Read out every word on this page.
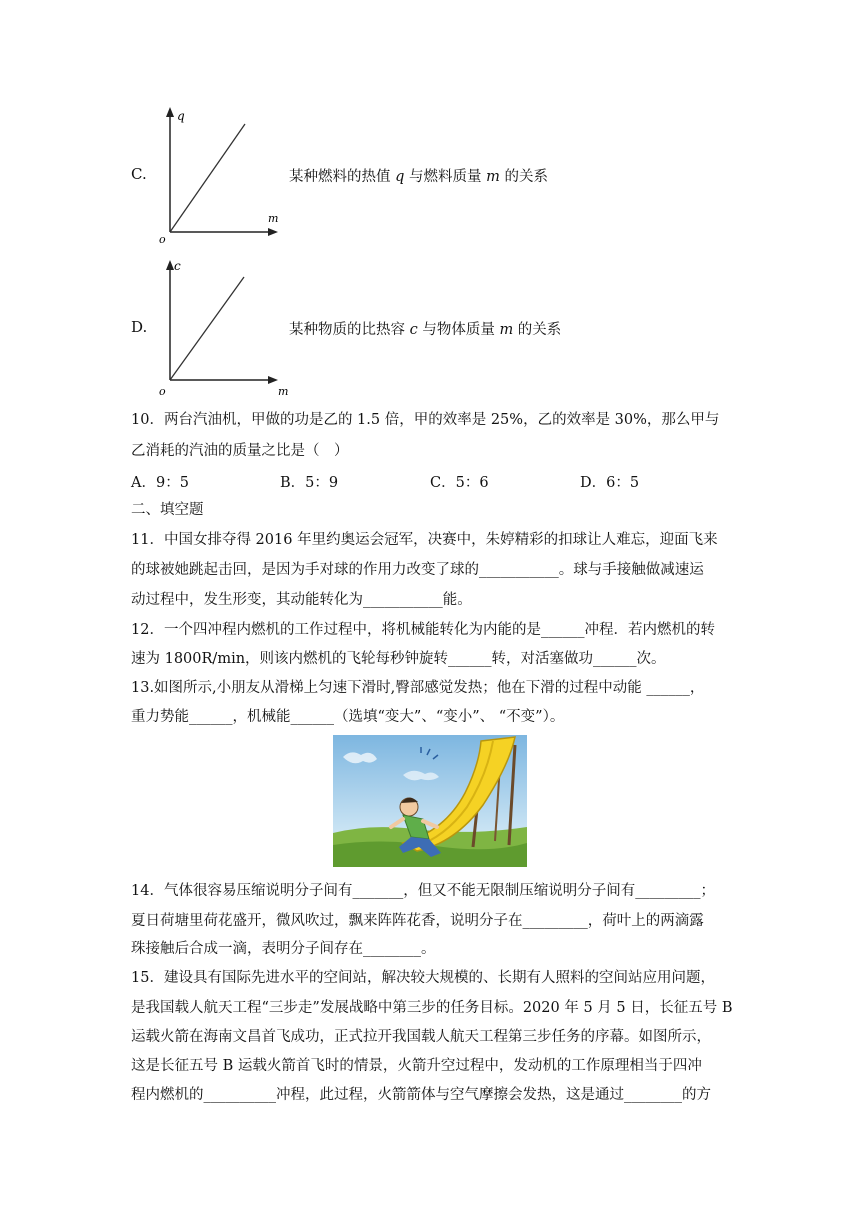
C.
q
m
o
某种燃料的热值 q 与燃料质量 m 的关系
D.
c
m
o
某种物质的比热容 c 与物体质量 m 的关系
10．两台汽油机，甲做的功是乙的 1.5 倍，甲的效率是 25%，乙的效率是 30%，那么甲与
乙消耗的汽油的质量之比是（　）
A．9：5	B．5：9	C．5：6	D．6：5
二、填空题
11．中国女排夺得 2016 年里约奥运会冠军，决赛中，朱婷精彩的扣球让人难忘，迎面飞来
的球被她跳起击回，是因为手对球的作用力改变了球的___________。球与手接触做减速运
动过程中，发生形变，其动能转化为___________能。
12．一个四冲程内燃机的工作过程中，将机械能转化为内能的是______冲程．若内燃机的转
速为 1800R/min，则该内燃机的飞轮每秒钟旋转______转，对活塞做功______次。
13.如图所示,小朋友从滑梯上匀速下滑时,臀部感觉发热；他在下滑的过程中动能 ______，
重力势能______，机械能______（选填“变大”、“变小”、 “不变”）。
14．气体很容易压缩说明分子间有_______，但又不能无限制压缩说明分子间有_________；
夏日荷塘里荷花盛开，微风吹过，飘来阵阵花香，说明分子在_________，荷叶上的两滴露
珠接触后合成一滴，表明分子间存在________。
15．建设具有国际先进水平的空间站，解决较大规模的、长期有人照料的空间站应用问题，
是我国载人航天工程“三步走”发展战略中第三步的任务目标。2020 年 5 月 5 日，长征五号 B
运载火箭在海南文昌首飞成功，正式拉开我国载人航天工程第三步任务的序幕。如图所示，
这是长征五号 B 运载火箭首飞时的情景，火箭升空过程中，发动机的工作原理相当于四冲
程内燃机的__________冲程，此过程，火箭箭体与空气摩擦会发热，这是通过________的方
